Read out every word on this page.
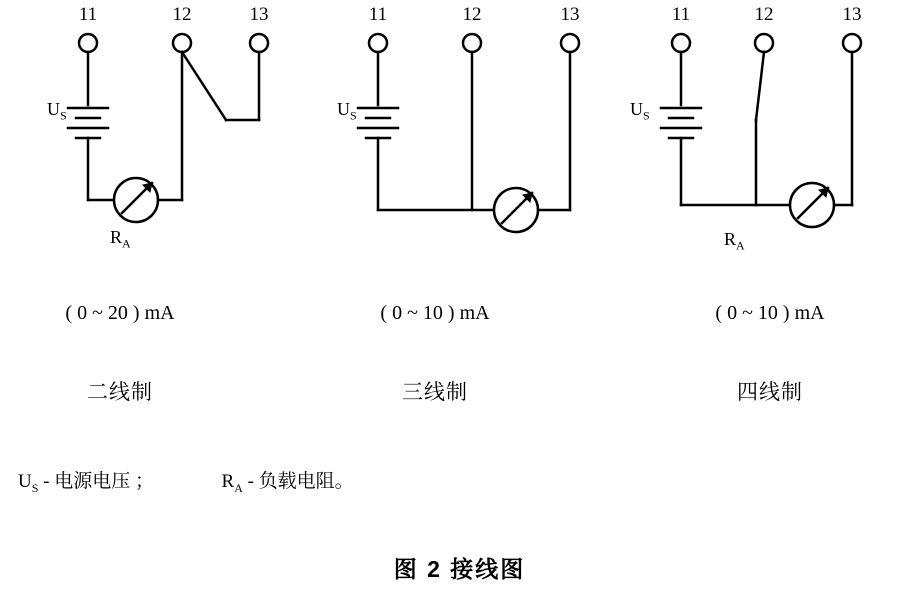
11	12	13
$U_S$
$R_A$
( 0 ~ 20 ) mA
二线制
11	12	13
$U_S$
( 0 ~ 10 ) mA
三线制
11	12	13
$U_S$
$R_A$
( 0 ~ 10 ) mA
四线制
$U_S$ - 电源电压 ；	$R_A$ - 负载电阻。
图 2 接线图
